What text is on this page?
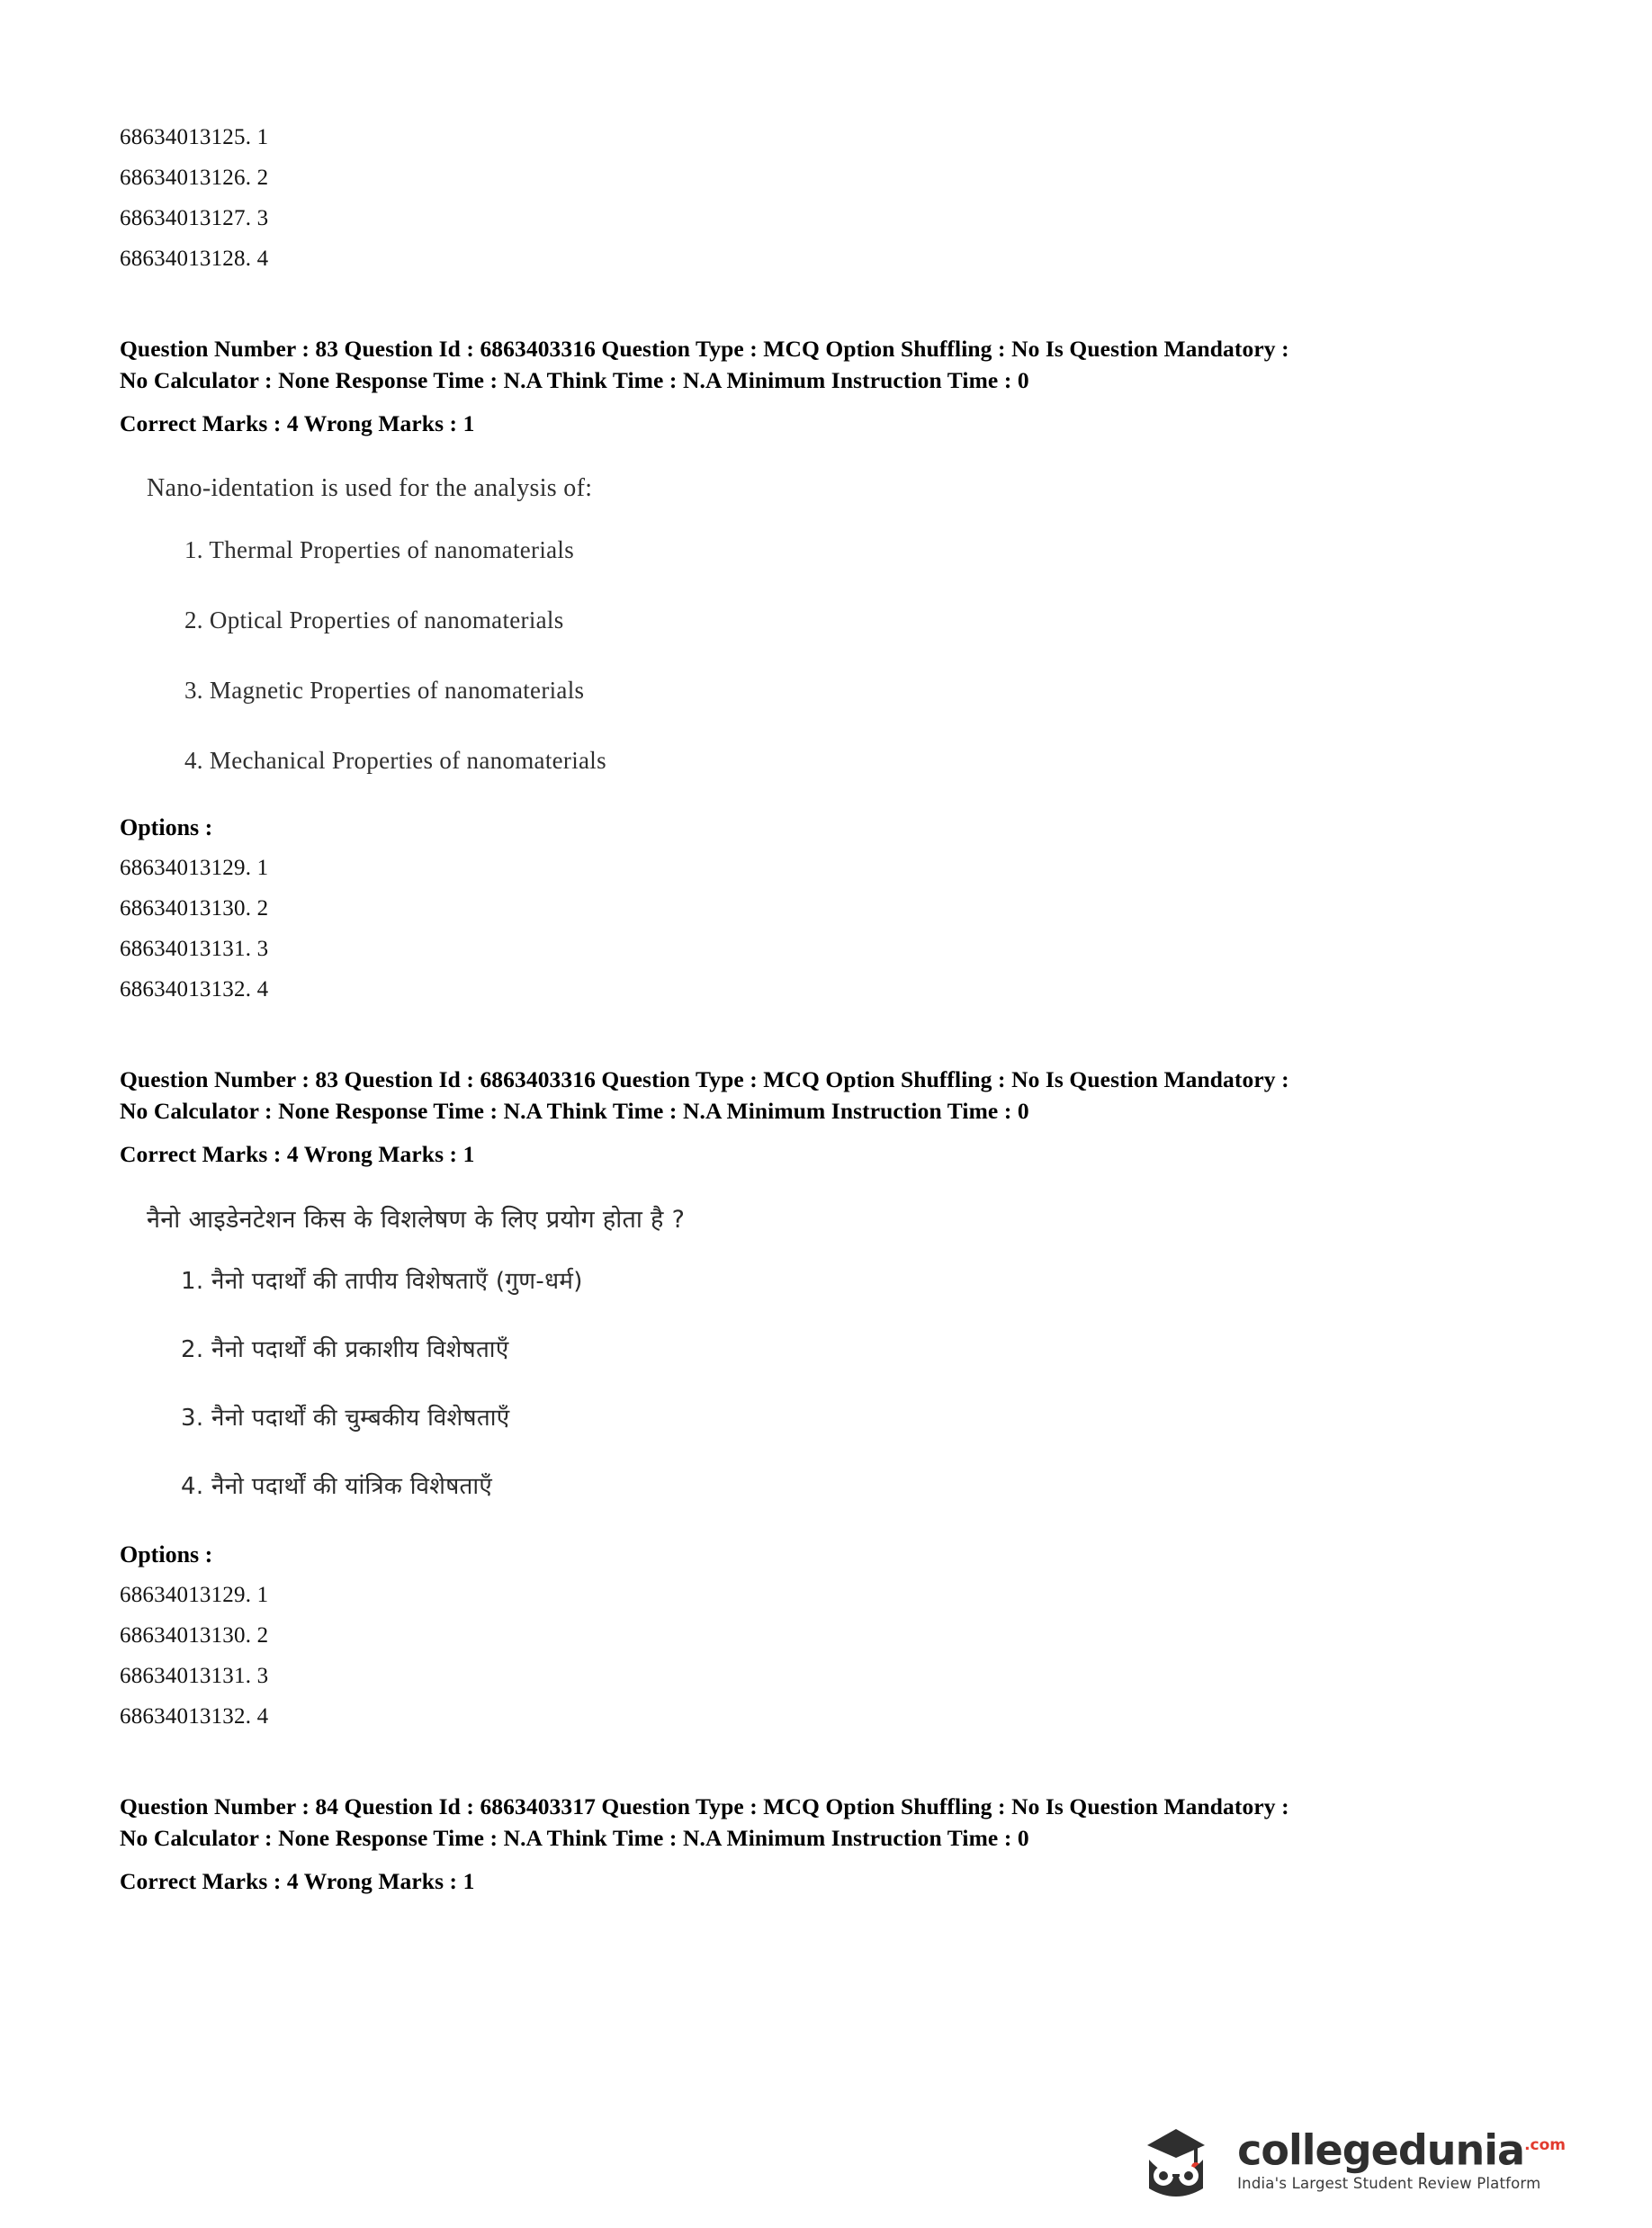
68634013125. 1
68634013126. 2
68634013127. 3
68634013128. 4
Question Number : 83 Question Id : 6863403316 Question Type : MCQ Option Shuffling : No Is Question Mandatory :
No Calculator : None Response Time : N.A Think Time : N.A Minimum Instruction Time : 0
Correct Marks : 4 Wrong Marks : 1
Nano-identation is used for the analysis of:
1. Thermal Properties of nanomaterials
2. Optical Properties of nanomaterials
3. Magnetic Properties of nanomaterials
4. Mechanical Properties of nanomaterials
Options :
68634013129. 1
68634013130. 2
68634013131. 3
68634013132. 4
Question Number : 83 Question Id : 6863403316 Question Type : MCQ Option Shuffling : No Is Question Mandatory :
No Calculator : None Response Time : N.A Think Time : N.A Minimum Instruction Time : 0
Correct Marks : 4 Wrong Marks : 1
नैनो आइडेनटेशन किस के विशलेषण के लिए प्रयोग होता है ?
1. नैनो पदार्थों की तापीय विशेषताएँ (गुण-धर्म)
2. नैनो पदार्थों की प्रकाशीय विशेषताएँ
3. नैनो पदार्थों की चुम्बकीय विशेषताएँ
4. नैनो पदार्थों की यांत्रिक विशेषताएँ
Options :
68634013129. 1
68634013130. 2
68634013131. 3
68634013132. 4
Question Number : 84 Question Id : 6863403317 Question Type : MCQ Option Shuffling : No Is Question Mandatory :
No Calculator : None Response Time : N.A Think Time : N.A Minimum Instruction Time : 0
Correct Marks : 4 Wrong Marks : 1
collegedunia$^{.com}$
India's Largest Student Review Platform
